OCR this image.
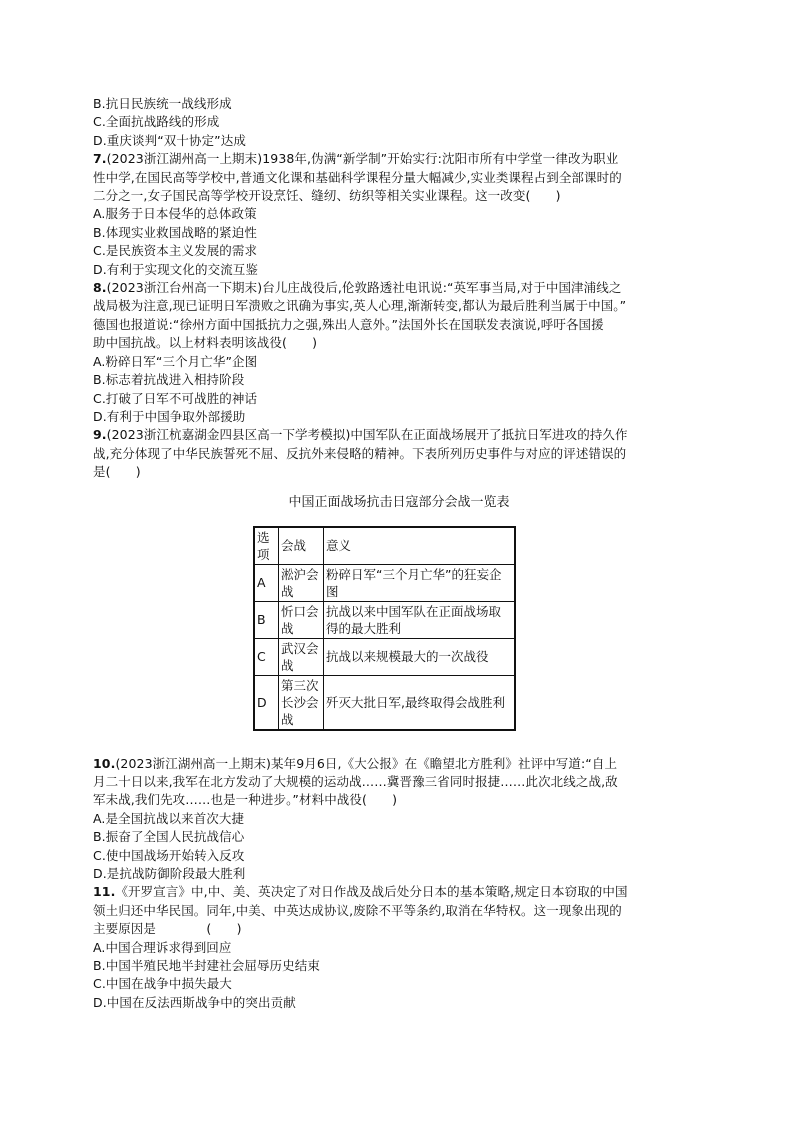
B.抗日民族统一战线形成
C.全面抗战路线的形成
D.重庆谈判“双十协定”达成
7.(2023浙江湖州高一上期末)1938年,伪满“新学制”开始实行:沈阳市所有中学堂一律改为职业
性中学,在国民高等学校中,普通文化课和基础科学课程分量大幅减少,实业类课程占到全部课时的
二分之一,女子国民高等学校开设烹饪、缝纫、纺织等相关实业课程。这一改变(　　)
A.服务于日本侵华的总体政策
B.体现实业救国战略的紧迫性
C.是民族资本主义发展的需求
D.有利于实现文化的交流互鉴
8.(2023浙江台州高一下期末)台儿庄战役后,伦敦路透社电讯说:“英军事当局,对于中国津浦线之
战局极为注意,现已证明日军溃败之讯确为事实,英人心理,渐渐转变,都认为最后胜利当属于中国。”
德国也报道说:“徐州方面中国抵抗力之强,殊出人意外。”法国外长在国联发表演说,呼吁各国援
助中国抗战。以上材料表明该战役(　　)
A.粉碎日军“三个月亡华”企图
B.标志着抗战进入相持阶段
C.打破了日军不可战胜的神话
D.有利于中国争取外部援助
9.(2023浙江杭嘉湖金四县区高一下学考模拟)中国军队在正面战场展开了抵抗日军进攻的持久作
战,充分体现了中华民族誓死不屈、反抗外来侵略的精神。下表所列历史事件与对应的评述错误的
是(　　)
中国正面战场抗击日寇部分会战一览表
选项	会战	意义
A	淞沪会战	粉碎日军“三个月亡华”的狂妄企图
B	忻口会战	抗战以来中国军队在正面战场取得的最大胜利
C	武汉会战	抗战以来规模最大的一次战役
D	第三次长沙会战	歼灭大批日军,最终取得会战胜利
10.(2023浙江湖州高一上期末)某年9月6日,《大公报》在《瞻望北方胜利》社评中写道:“自上
月二十日以来,我军在北方发动了大规模的运动战……冀晋豫三省同时报捷……此次北线之战,敌
军未战,我们先攻……也是一种进步。”材料中战役(　　)
A.是全国抗战以来首次大捷
B.振奋了全国人民抗战信心
C.使中国战场开始转入反攻
D.是抗战防御阶段最大胜利
11.《开罗宣言》中,中、美、英决定了对日作战及战后处分日本的基本策略,规定日本窃取的中国
领土归还中华民国。同年,中美、中英达成协议,废除不平等条约,取消在华特权。这一现象出现的
主要原因是　　　　(　　)
A.中国合理诉求得到回应
B.中国半殖民地半封建社会屈辱历史结束
C.中国在战争中损失最大
D.中国在反法西斯战争中的突出贡献
